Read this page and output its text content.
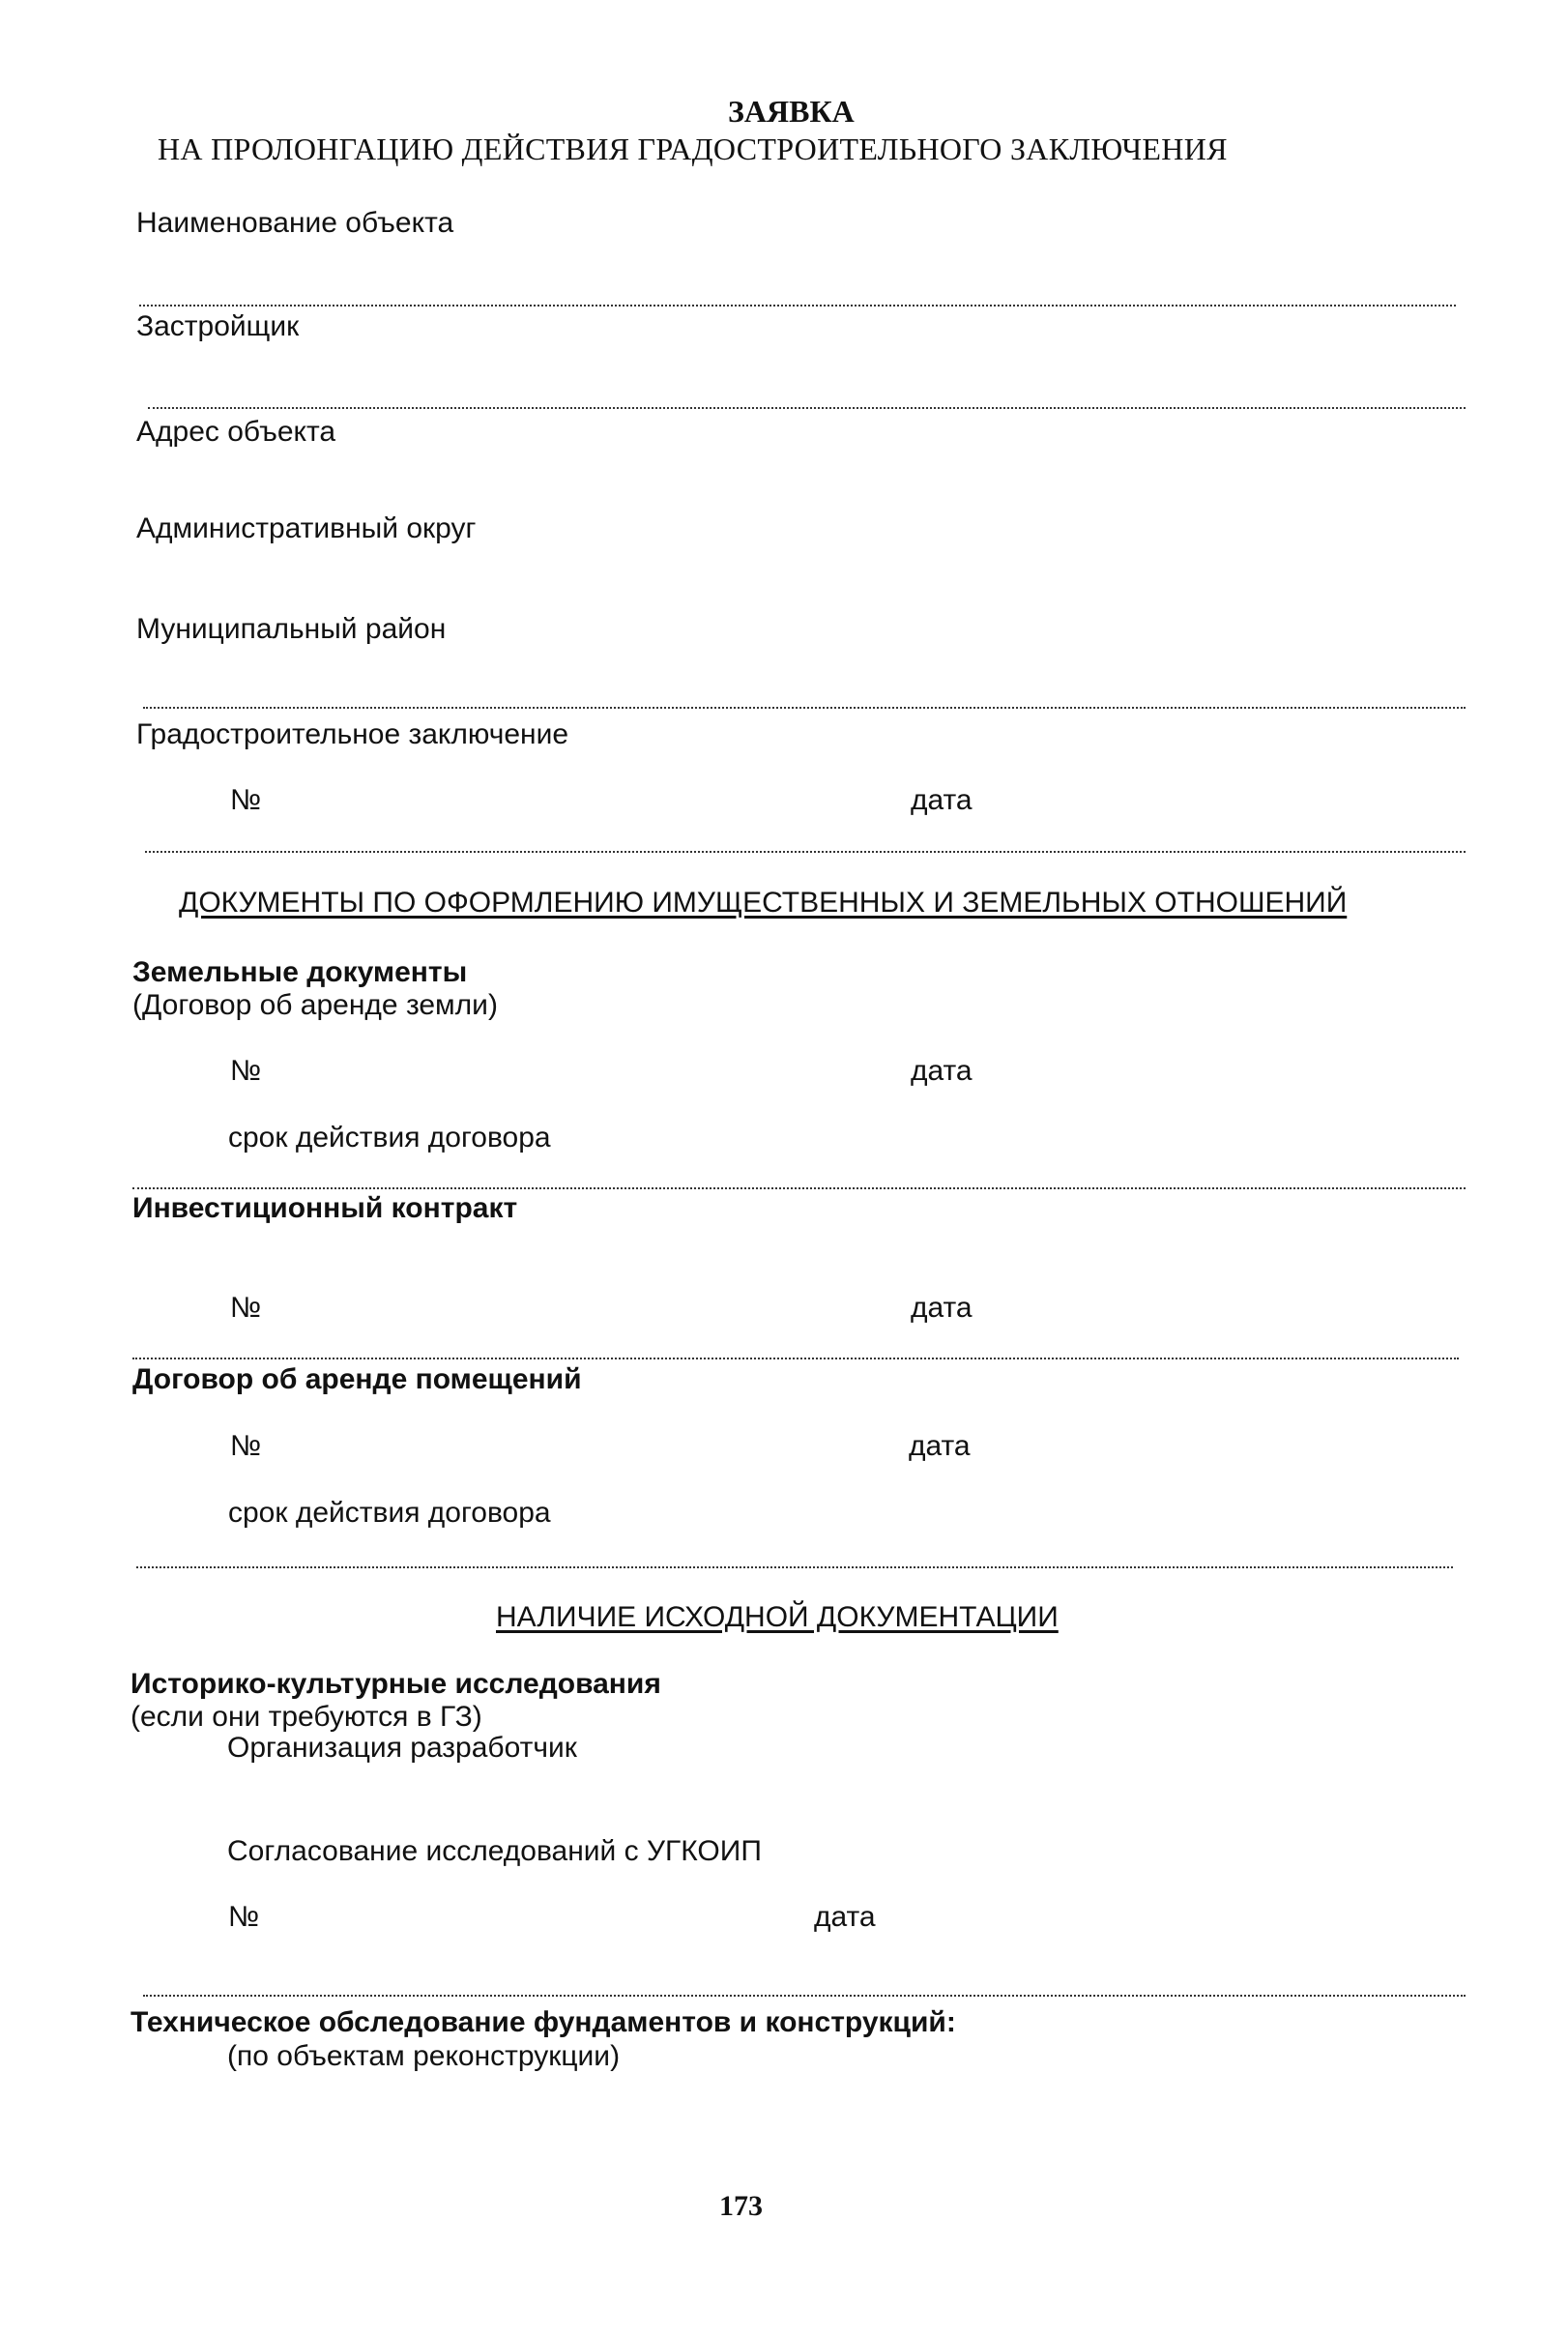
ЗАЯВКА
НА ПРОЛОНГАЦИЮ ДЕЙСТВИЯ ГРАДОСТРОИТЕЛЬНОГО ЗАКЛЮЧЕНИЯ
Наименование объекта
Застройщик
Адрес объекта
Административный округ
Муниципальный район
Градостроительное заключение
№	дата
ДОКУМЕНТЫ ПО ОФОРМЛЕНИЮ ИМУЩЕСТВЕННЫХ И ЗЕМЕЛЬНЫХ ОТНОШЕНИЙ
Земельные документы
(Договор об аренде земли)
№	дата
срок действия договора
Инвестиционный контракт
№	дата
Договор об аренде помещений
№	дата
срок действия договора
НАЛИЧИЕ ИСХОДНОЙ ДОКУМЕНТАЦИИ
Историко-культурные исследования
(если они требуются в ГЗ)
Организация разработчик
Согласование исследований с УГКОИП
№	дата
Техническое обследование фундаментов и конструкций:
(по объектам реконструкции)
173
